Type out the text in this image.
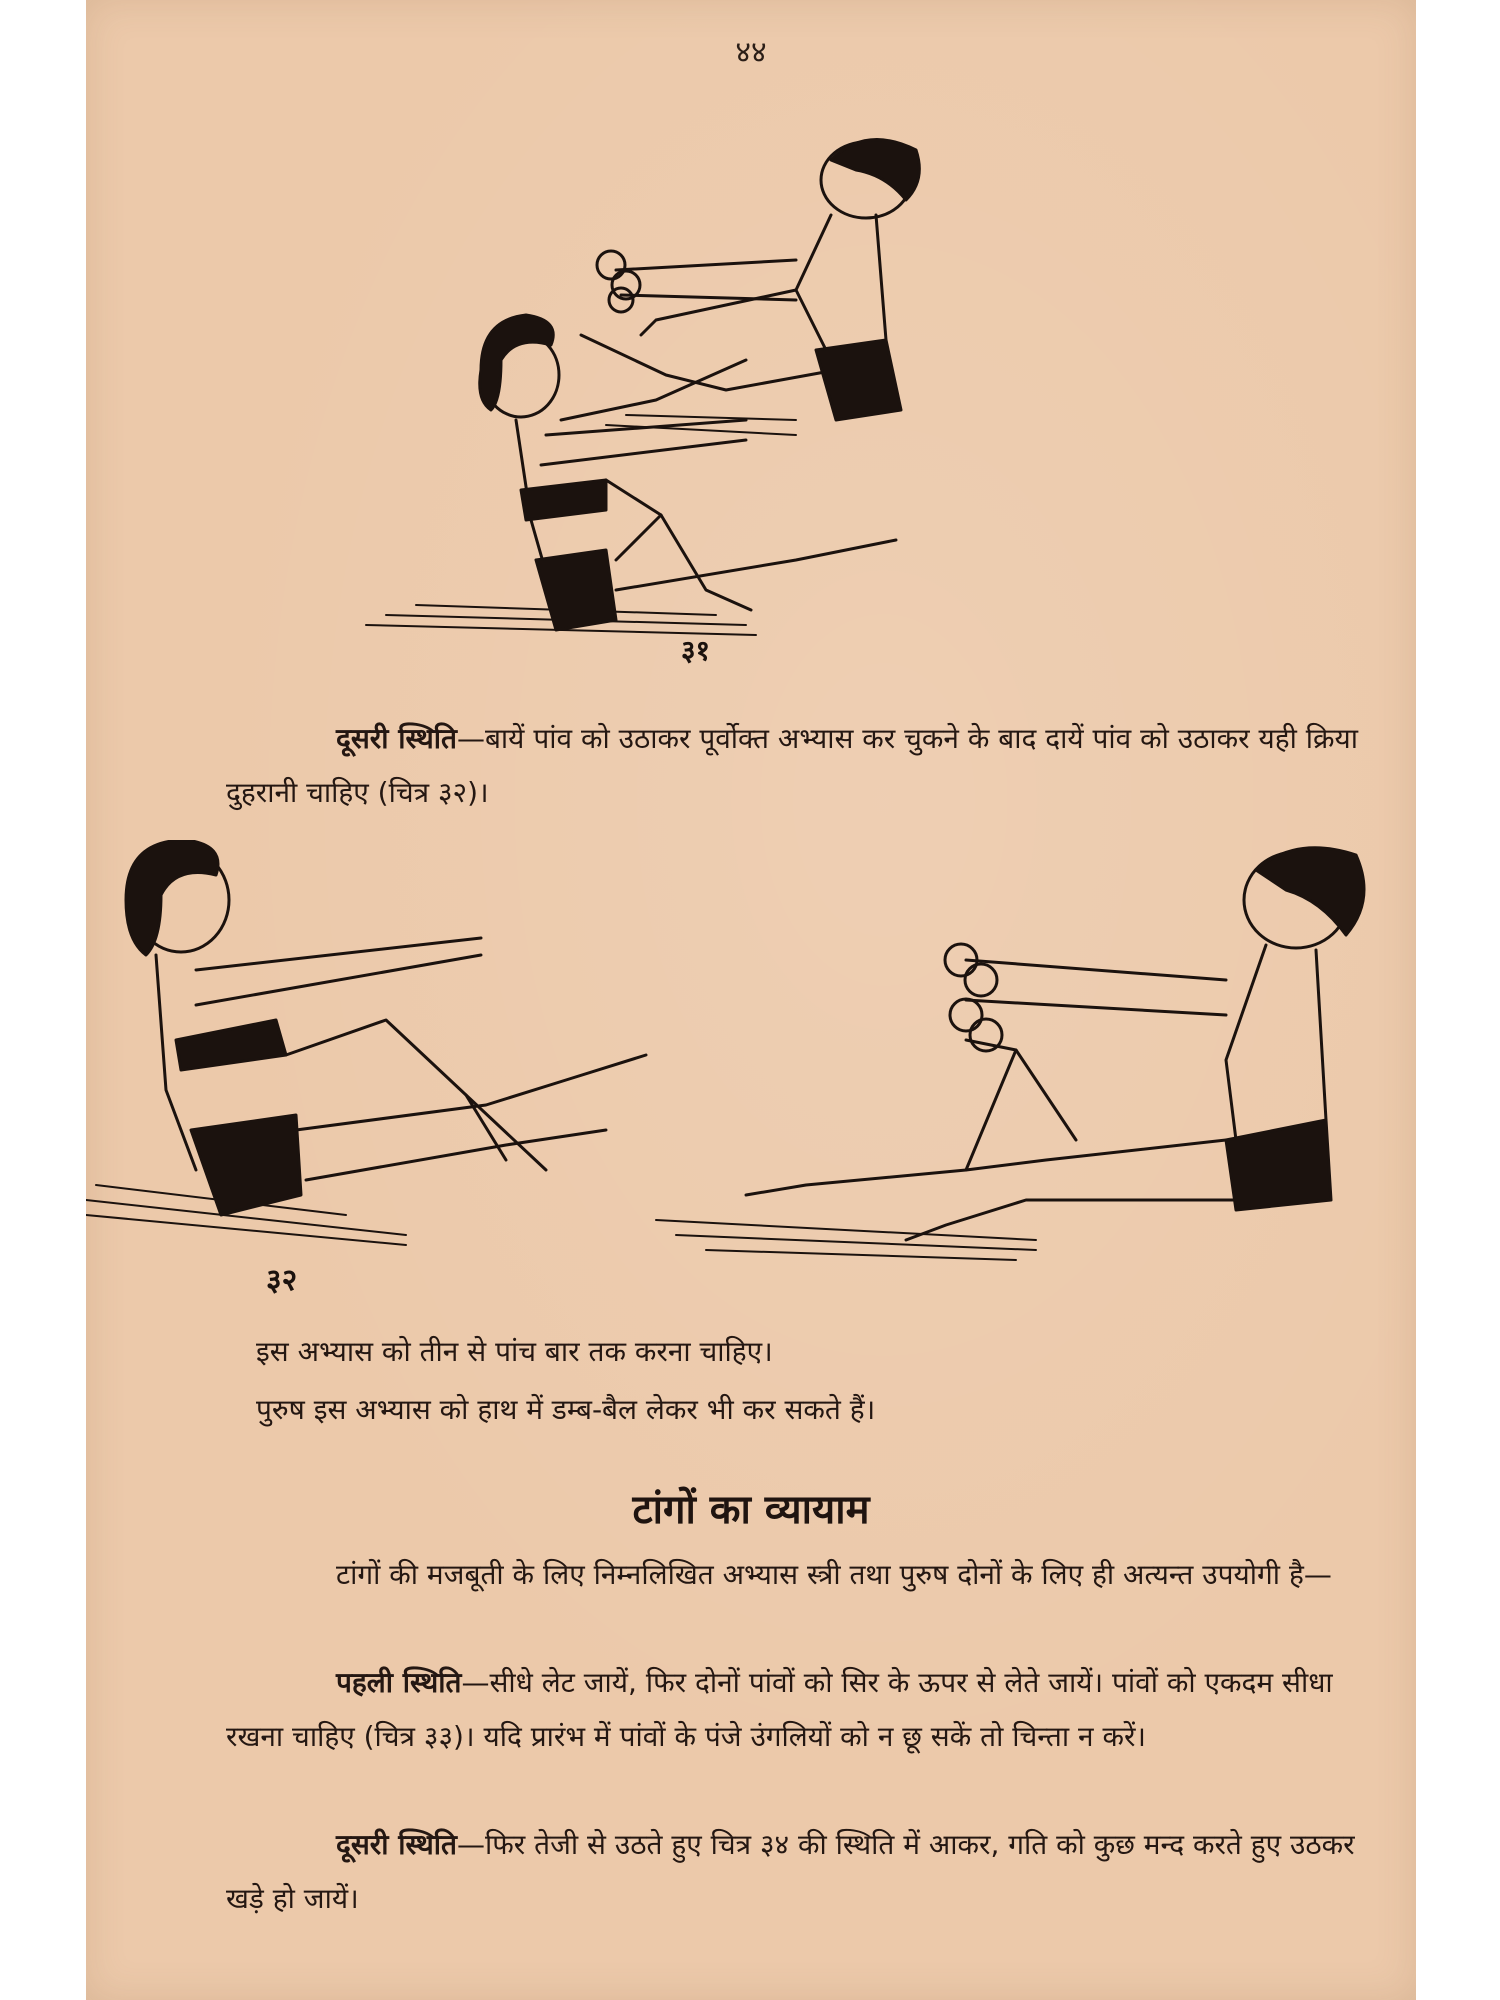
४४
३१
दूसरी स्थिति—बायें पांव को उठाकर पूर्वोक्त अभ्यास कर चुकने के बाद दायें पांव को उठाकर यही क्रिया दुहरानी चाहिए (चित्र ३२)।
३२
इस अभ्यास को तीन से पांच बार तक करना चाहिए।
पुरुष इस अभ्यास को हाथ में डम्ब-बैल लेकर भी कर सकते हैं।
टांगों का व्यायाम
टांगों की मजबूती के लिए निम्नलिखित अभ्यास स्त्री तथा पुरुष दोनों के लिए ही अत्यन्त उपयोगी है—
पहली स्थिति—सीधे लेट जायें, फिर दोनों पांवों को सिर के ऊपर से लेते जायें। पांवों को एकदम सीधा रखना चाहिए (चित्र ३३)। यदि प्रारंभ में पांवों के पंजे उंगलियों को न छू सकें तो चिन्ता न करें।
दूसरी स्थिति—फिर तेजी से उठते हुए चित्र ३४ की स्थिति में आकर, गति को कुछ मन्द करते हुए उठकर खड़े हो जायें।
